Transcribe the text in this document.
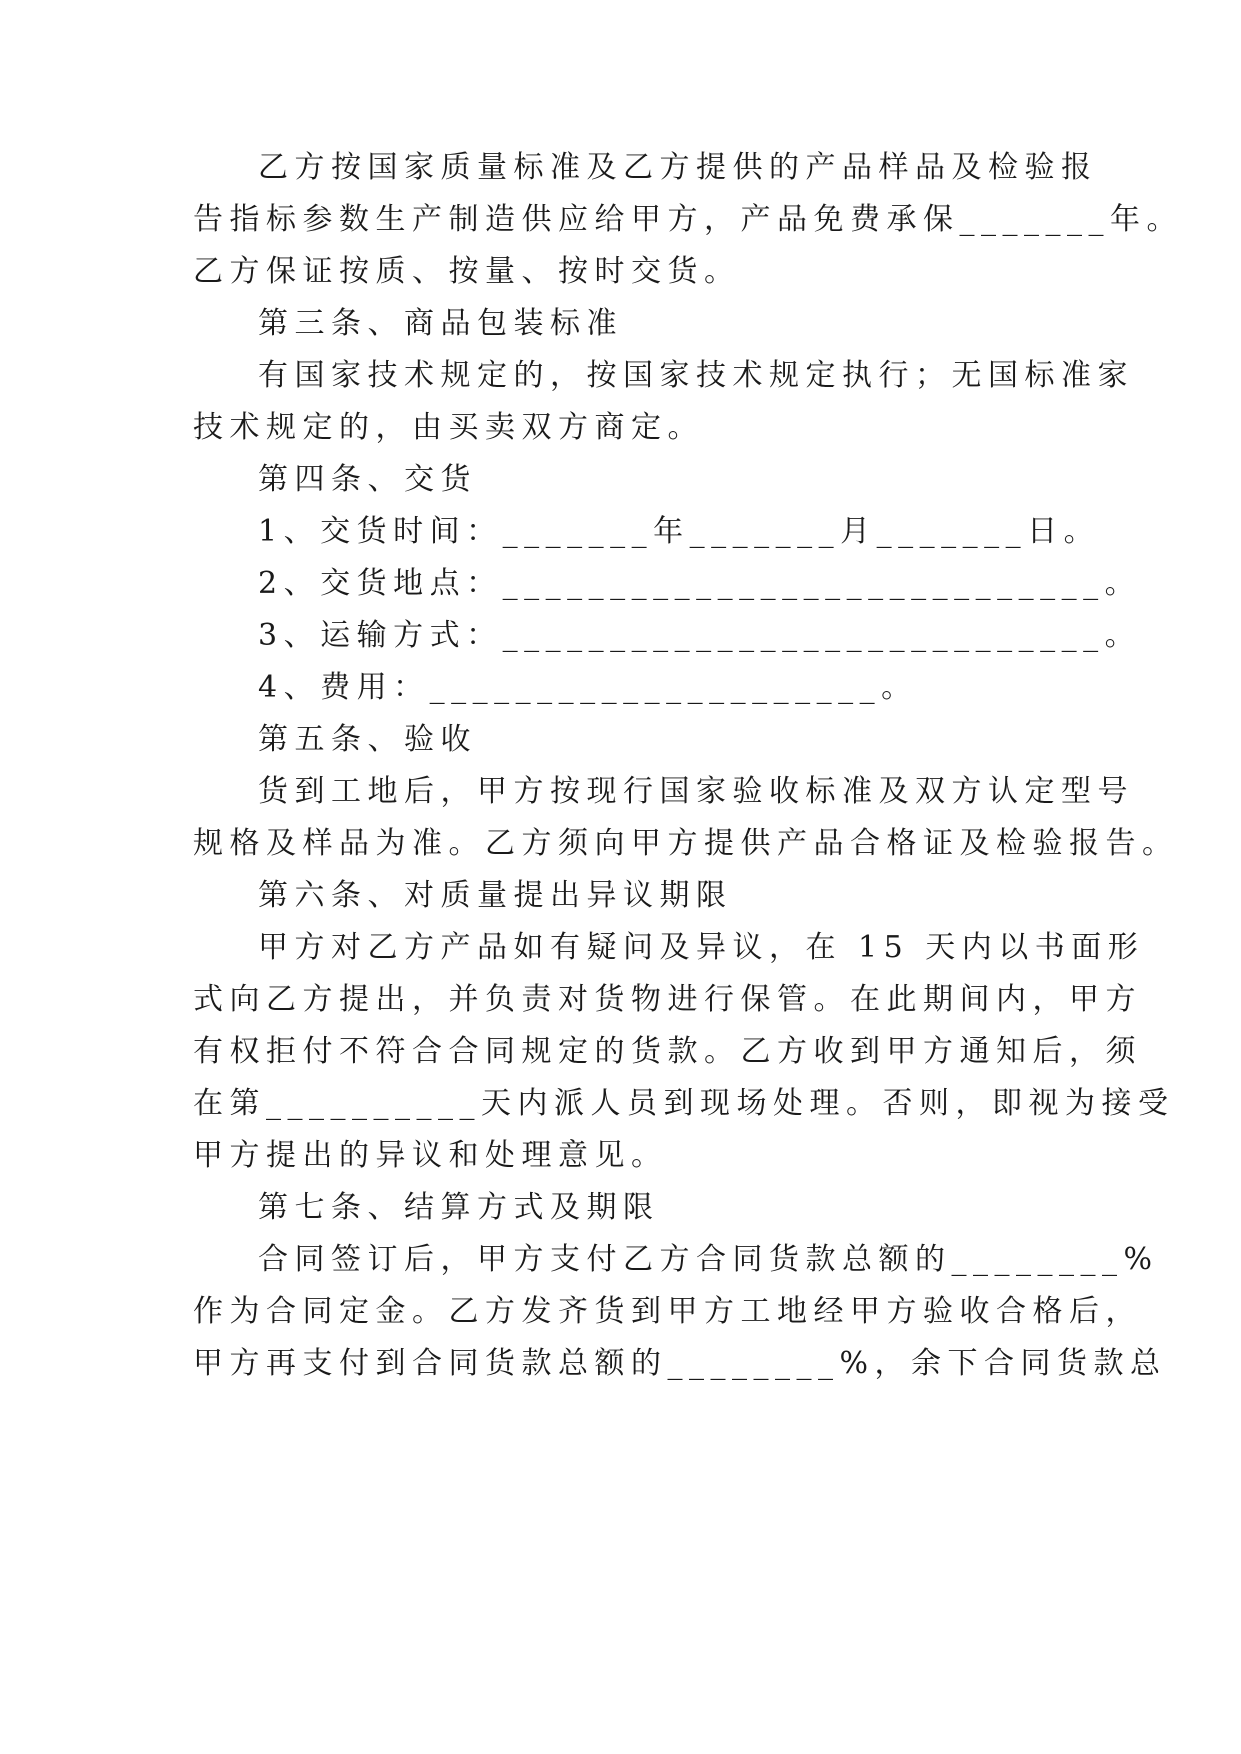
乙方按国家质量标准及乙方提供的产品样品及检验报
告指标参数生产制造供应给甲方，产品免费承保_______年。
乙方保证按质、按量、按时交货。
第三条、商品包装标准
有国家技术规定的，按国家技术规定执行；无国标准家
技术规定的，由买卖双方商定。
第四条、交货
1、交货时间：_______年_______月_______日。
2、交货地点：____________________________。
3、运输方式：____________________________。
4、费用：_____________________。
第五条、验收
货到工地后，甲方按现行国家验收标准及双方认定型号
规格及样品为准。乙方须向甲方提供产品合格证及检验报告。
第六条、对质量提出异议期限
甲方对乙方产品如有疑问及异议，在 15 天内以书面形
式向乙方提出，并负责对货物进行保管。在此期间内，甲方
有权拒付不符合合同规定的货款。乙方收到甲方通知后，须
在第__________天内派人员到现场处理。否则，即视为接受
甲方提出的异议和处理意见。
第七条、结算方式及期限
合同签订后，甲方支付乙方合同货款总额的________%
作为合同定金。乙方发齐货到甲方工地经甲方验收合格后，
甲方再支付到合同货款总额的________%，余下合同货款总
